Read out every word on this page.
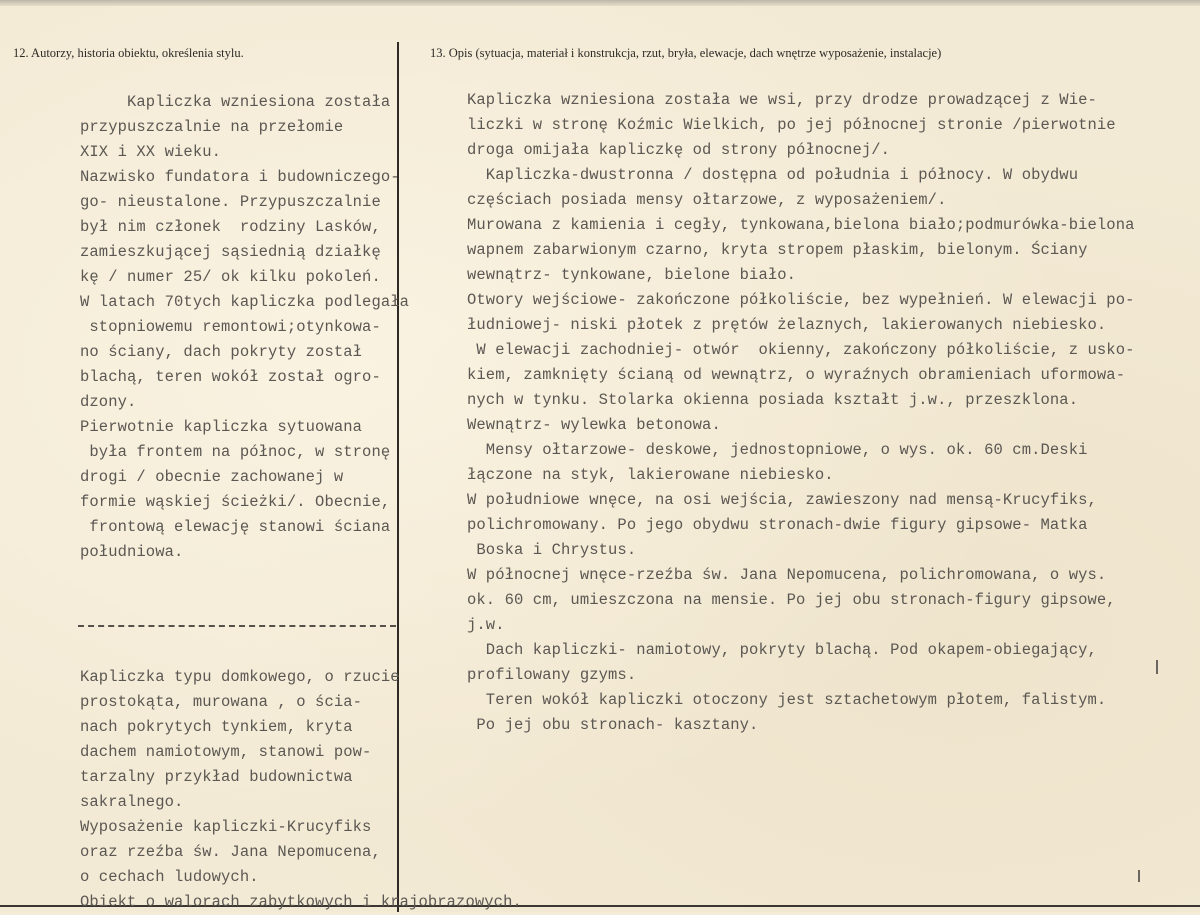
12. Autorzy, historia obiektu, określenia stylu.	13. Opis (sytuacja, materiał i konstrukcja, rzut, bryła, elewacje, dach wnętrze wyposażenie, instalacje)
Kapliczka wzniesiona została
przypuszczalnie na przełomie
XIX i XX wieku.
Nazwisko fundatora i budowniczego-
go- nieustalone. Przypuszczalnie
był nim członek  rodziny Lasków,
zamieszkującej sąsiednią działkę
kę / numer 25/ ok kilku pokoleń.
W latach 70tych kapliczka podlegała
stopniowemu remontowi;otynkowa-
no ściany, dach pokryty został
blachą, teren wokół został ogro-
dzony.
Pierwotnie kapliczka sytuowana
była frontem na północ, w stronę
drogi / obecnie zachowanej w
formie wąskiej ścieżki/. Obecnie,
frontową elewację stanowi ściana
południowa.
Kapliczka typu domkowego, o rzucie
prostokąta, murowana , o ścia-
nach pokrytych tynkiem, kryta
dachem namiotowym, stanowi pow-
tarzalny przykład budownictwa
sakralnego.
Wyposażenie kapliczki-Krucyfiks
oraz rzeźba św. Jana Nepomucena,
o cechach ludowych.
Obiekt o walorach zabytkowych i krajobrazowych.
Kapliczka wzniesiona została we wsi, przy drodze prowadzącej z Wie-
liczki w stronę Koźmic Wielkich, po jej północnej stronie /pierwotnie
droga omijała kapliczkę od strony północnej/.
Kapliczka-dwustronna / dostępna od południa i północy. W obydwu
częściach posiada mensy ołtarzowe, z wyposażeniem/.
Murowana z kamienia i cegły, tynkowana,bielona biało;podmurówka-bielona
wapnem zabarwionym czarno, kryta stropem płaskim, bielonym. Ściany
wewnątrz- tynkowane, bielone biało.
Otwory wejściowe- zakończone półkoliście, bez wypełnień. W elewacji po-
łudniowej- niski płotek z prętów żelaznych, lakierowanych niebiesko.
W elewacji zachodniej- otwór  okienny, zakończony półkoliście, z usko-
kiem, zamknięty ścianą od wewnątrz, o wyraźnych obramieniach uformowa-
nych w tynku. Stolarka okienna posiada kształt j.w., przeszklona.
Wewnątrz- wylewka betonowa.
Mensy ołtarzowe- deskowe, jednostopniowe, o wys. ok. 60 cm.Deski
łączone na styk, lakierowane niebiesko.
W południowe wnęce, na osi wejścia, zawieszony nad mensą-Krucyfiks,
polichromowany. Po jego obydwu stronach-dwie figury gipsowe- Matka
Boska i Chrystus.
W północnej wnęce-rzeźba św. Jana Nepomucena, polichromowana, o wys.
ok. 60 cm, umieszczona na mensie. Po jej obu stronach-figury gipsowe,
j.w.
Dach kapliczki- namiotowy, pokryty blachą. Pod okapem-obiegający,
profilowany gzyms.
Teren wokół kapliczki otoczony jest sztachetowym płotem, falistym.
Po jej obu stronach- kasztany.
